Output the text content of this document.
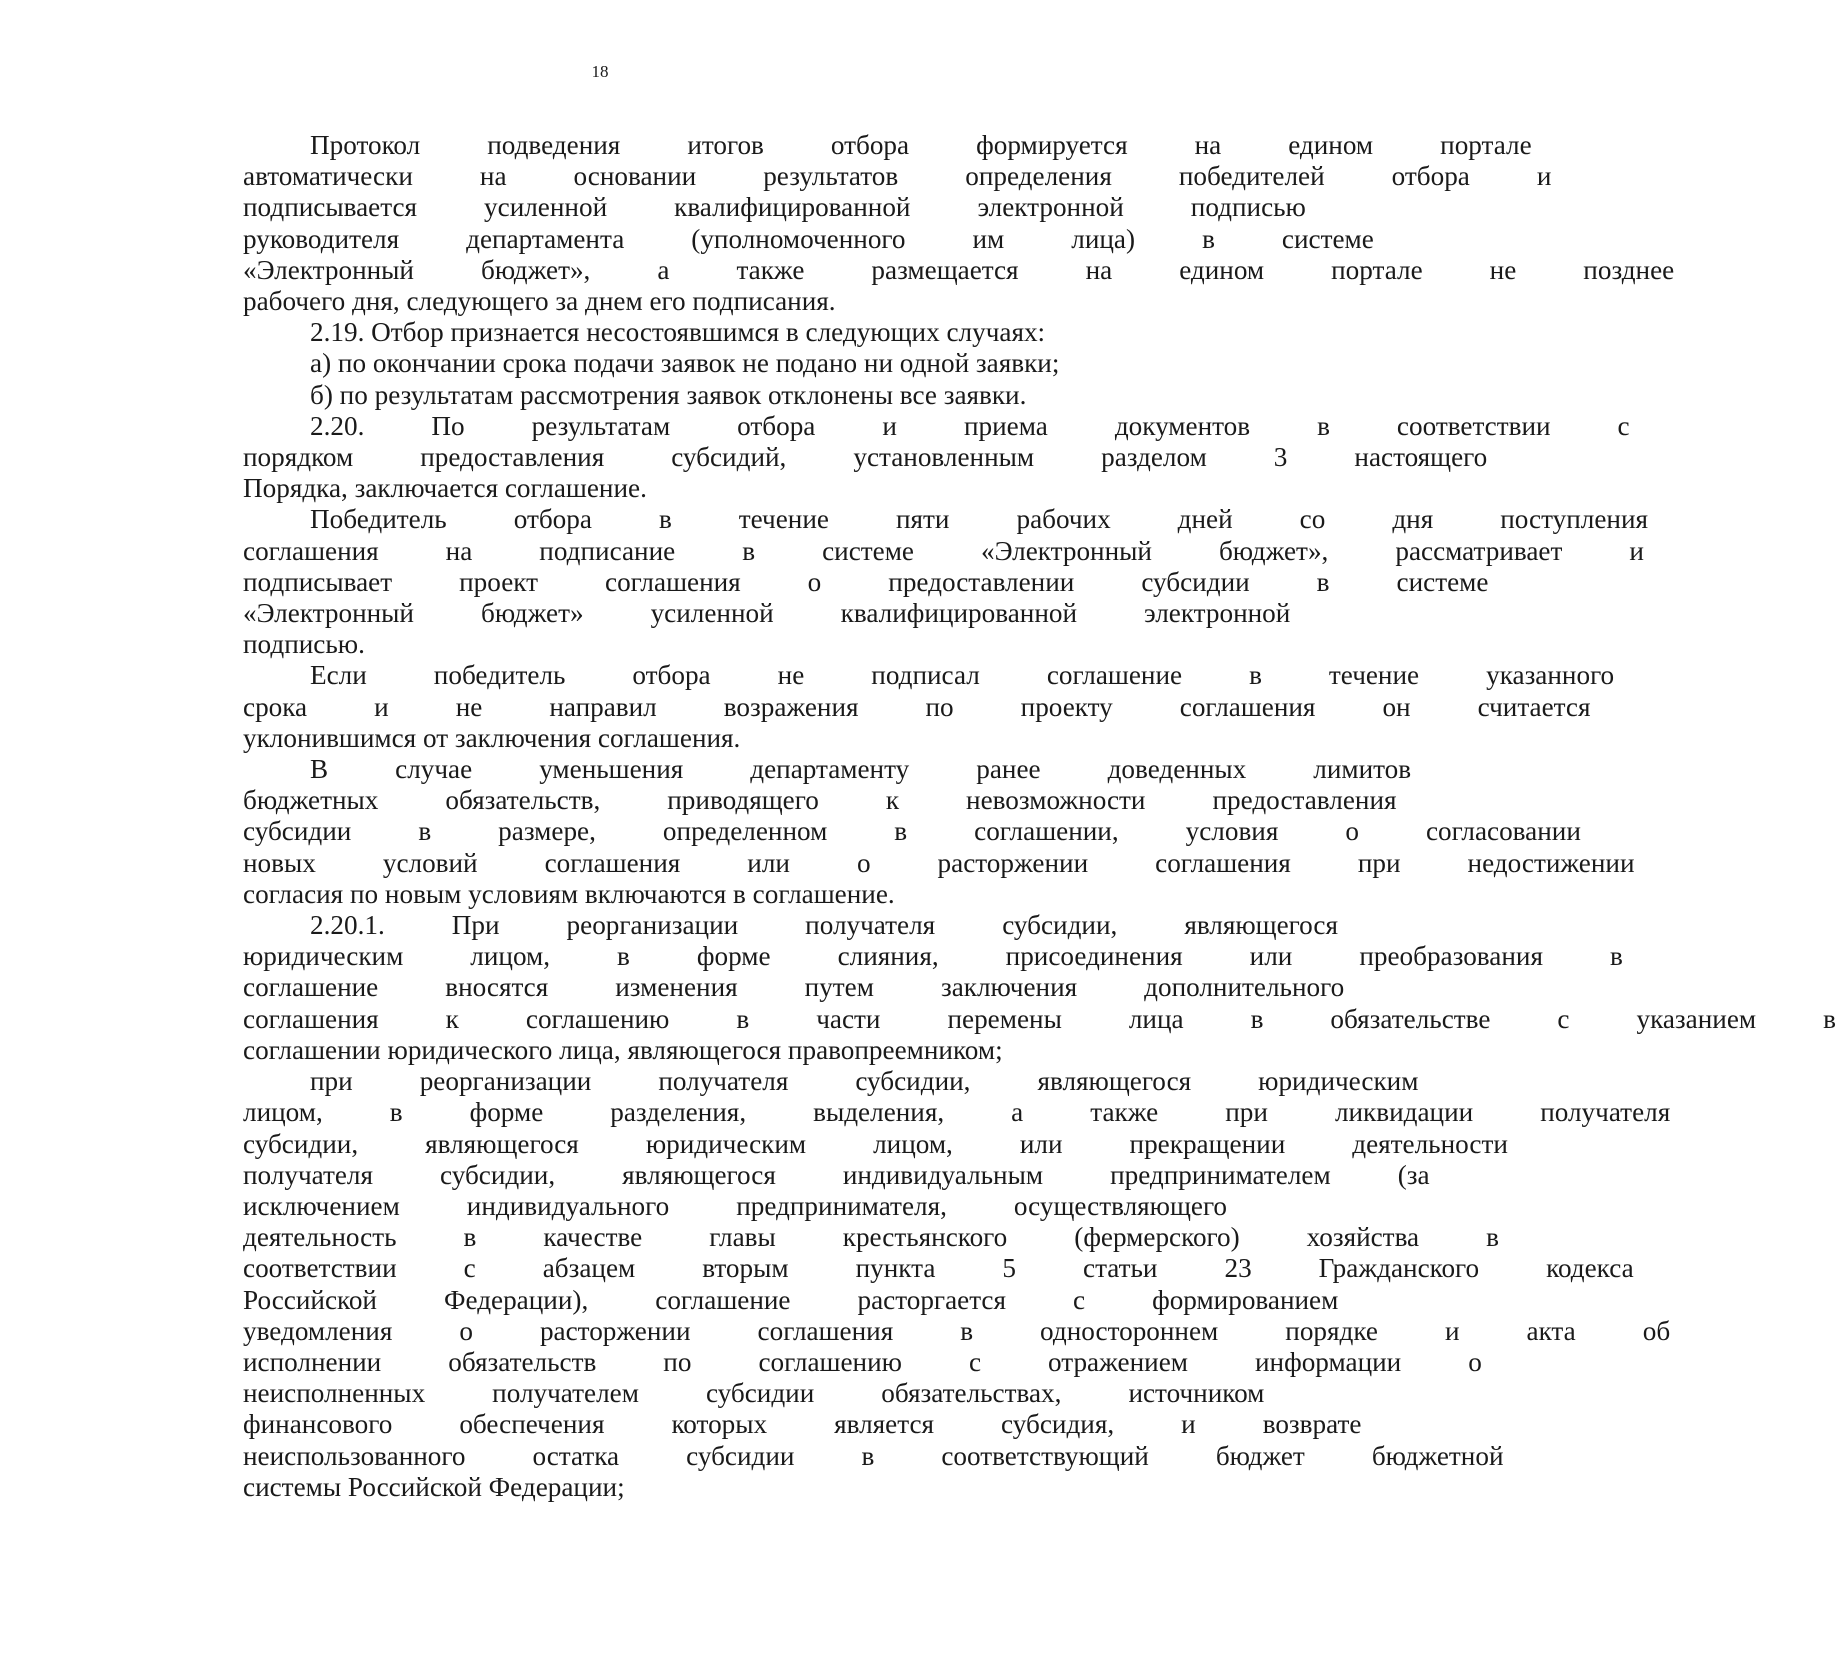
18
Протокол	подведения	итогов	отбора	формируется	на	едином	портале
автоматически	на	основании	результатов	определения	победителей	отбора	и
подписывается	усиленной	квалифицированной	электронной	подписью
руководителя	департамента	(уполномоченного	им	лица)	в	системе
«Электронный	бюджет»,	а	также	размещается	на	едином	портале	не	позднее
рабочего дня, следующего за днем его подписания.
2.19. Отбор признается несостоявшимся в следующих случаях:
а) по окончании срока подачи заявок не подано ни одной заявки;
б) по результатам рассмотрения заявок отклонены все заявки.
2.20.	По	результатам	отбора	и	приема	документов	в	соответствии	с
порядком	предоставления	субсидий,	установленным	разделом	3	настоящего
Порядка, заключается соглашение.
Победитель	отбора	в	течение	пяти	рабочих	дней	со	дня	поступления
соглашения	на	подписание	в	системе	«Электронный	бюджет»,	рассматривает	и
подписывает	проект	соглашения	о	предоставлении	субсидии	в	системе
«Электронный	бюджет»	усиленной	квалифицированной	электронной
подписью.
Если	победитель	отбора	не	подписал	соглашение	в	течение	указанного
срока	и	не	направил	возражения	по	проекту	соглашения	он	считается
уклонившимся от заключения соглашения.
В	случае	уменьшения	департаменту	ранее	доведенных	лимитов
бюджетных	обязательств,	приводящего	к	невозможности	предоставления
субсидии	в	размере,	определенном	в	соглашении,	условия	о	согласовании
новых	условий	соглашения	или	о	расторжении	соглашения	при	недостижении
согласия по новым условиям включаются в соглашение.
2.20.1.	При	реорганизации	получателя	субсидии,	являющегося
юридическим	лицом,	в	форме	слияния,	присоединения	или	преобразования	в
соглашение	вносятся	изменения	путем	заключения	дополнительного
соглашения	к	соглашению	в	части	перемены	лица	в	обязательстве	с	указанием	в
соглашении юридического лица, являющегося правопреемником;
при	реорганизации	получателя	субсидии,	являющегося	юридическим
лицом,	в	форме	разделения,	выделения,	а	также	при	ликвидации	получателя
субсидии,	являющегося	юридическим	лицом,	или	прекращении	деятельности
получателя	субсидии,	являющегося	индивидуальным	предпринимателем	(за
исключением	индивидуального	предпринимателя,	осуществляющего
деятельность	в	качестве	главы	крестьянского	(фермерского)	хозяйства	в
соответствии	с	абзацем	вторым	пункта	5	статьи	23	Гражданского	кодекса
Российской	Федерации),	соглашение	расторгается	с	формированием
уведомления	о	расторжении	соглашения	в	одностороннем	порядке	и	акта	об
исполнении	обязательств	по	соглашению	с	отражением	информации	о
неисполненных	получателем	субсидии	обязательствах,	источником
финансового	обеспечения	которых	является	субсидия,	и	возврате
неиспользованного	остатка	субсидии	в	соответствующий	бюджет	бюджетной
системы Российской Федерации;
